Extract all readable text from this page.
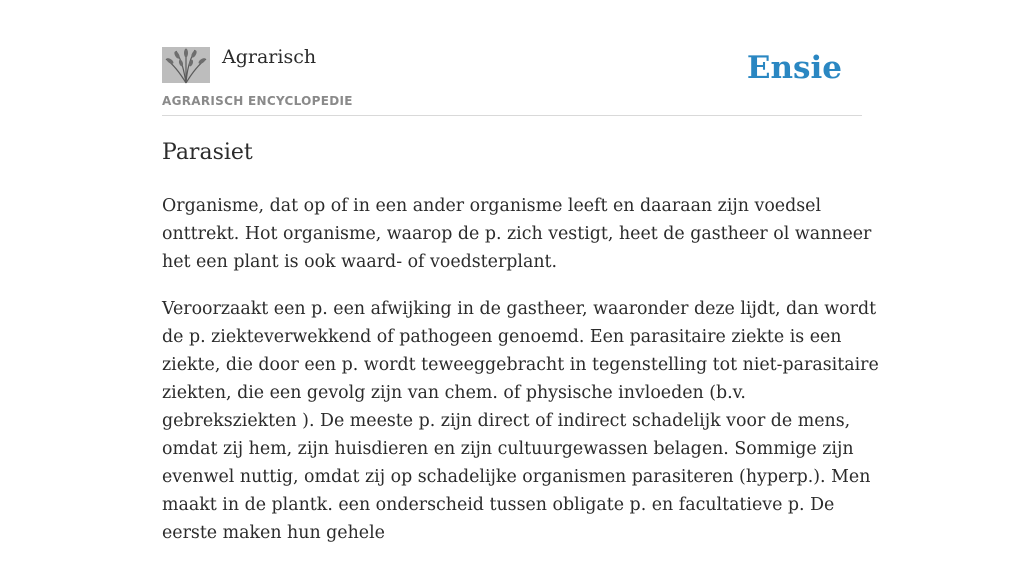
Agrarisch
AGRARISCH ENCYCLOPEDIE
Ensie
Parasiet

Organisme, dat op of in een ander organisme leeft en daaraan zijn voedsel onttrekt. Hot organisme, waarop de p. zich vestigt, heet de gastheer ol wanneer het een plant is ook waard- of voedsterplant.

Veroorzaakt een p. een afwijking in de gastheer, waaronder deze lijdt, dan wordt de p. ziekteverwekkend of pathogeen genoemd. Een parasitaire ziekte is een ziekte, die door een p. wordt teweeggebracht in tegenstelling tot niet-parasitaire ziekten, die een gevolg zijn van chem. of physische invloeden (b.v. gebreksziekten ). De meeste p. zijn direct of indirect schadelijk voor de mens, omdat zij hem, zijn huisdieren en zijn cultuurgewassen belagen. Sommige zijn evenwel nuttig, omdat zij op schadelijke organismen parasiteren (hyperp.). Men maakt in de plantk. een onderscheid tussen obligate p. en facultatieve p. De eerste maken hun gehele
